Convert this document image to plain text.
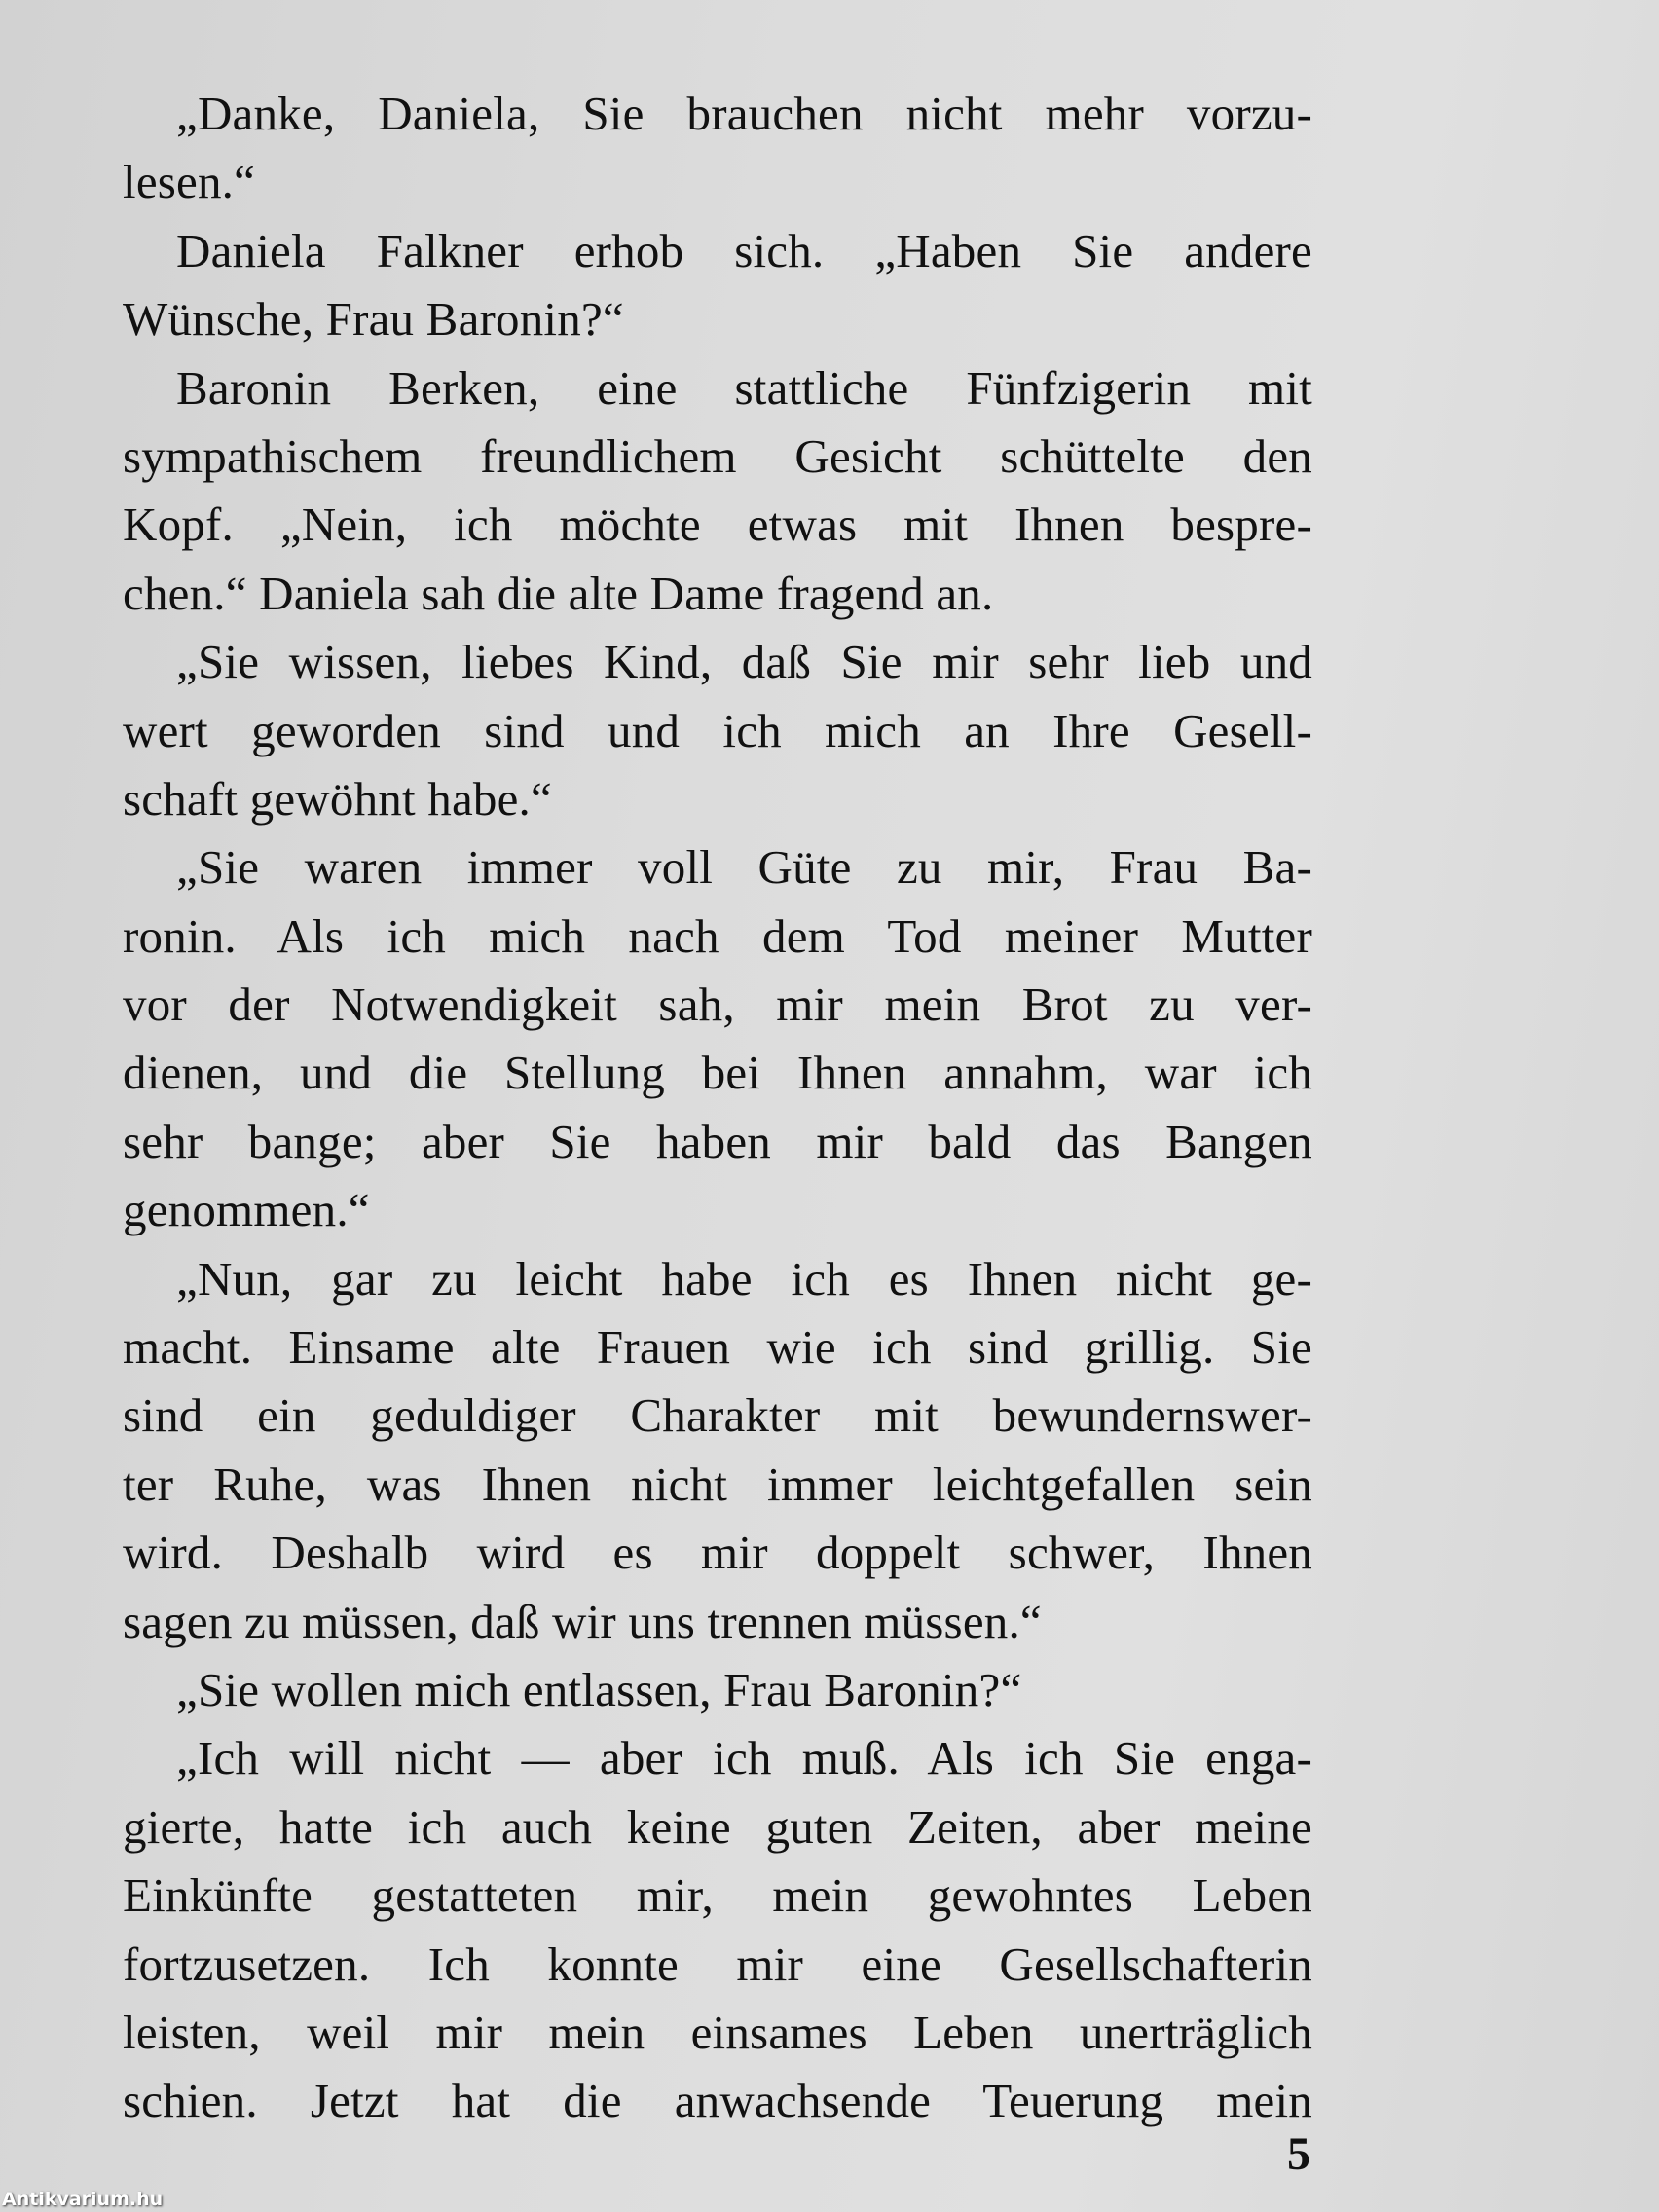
„Danke, Daniela, Sie brauchen nicht mehr vorzu-
lesen.“
Daniela Falkner erhob sich. „Haben Sie andere
Wünsche, Frau Baronin?“
Baronin Berken, eine stattliche Fünfzigerin mit
sympathischem freundlichem Gesicht schüttelte den
Kopf. „Nein, ich möchte etwas mit Ihnen bespre-
chen.“ Daniela sah die alte Dame fragend an.
„Sie wissen, liebes Kind, daß Sie mir sehr lieb und
wert geworden sind und ich mich an Ihre Gesell-
schaft gewöhnt habe.“
„Sie waren immer voll Güte zu mir, Frau Ba-
ronin. Als ich mich nach dem Tod meiner Mutter
vor der Notwendigkeit sah, mir mein Brot zu ver-
dienen, und die Stellung bei Ihnen annahm, war ich
sehr bange; aber Sie haben mir bald das Bangen
genommen.“
„Nun, gar zu leicht habe ich es Ihnen nicht ge-
macht. Einsame alte Frauen wie ich sind grillig. Sie
sind ein geduldiger Charakter mit bewundernswer-
ter Ruhe, was Ihnen nicht immer leichtgefallen sein
wird. Deshalb wird es mir doppelt schwer, Ihnen
sagen zu müssen, daß wir uns trennen müssen.“
„Sie wollen mich entlassen, Frau Baronin?“
„Ich will nicht — aber ich muß. Als ich Sie enga-
gierte, hatte ich auch keine guten Zeiten, aber meine
Einkünfte gestatteten mir, mein gewohntes Leben
fortzusetzen. Ich konnte mir eine Gesellschafterin
leisten, weil mir mein einsames Leben unerträglich
schien. Jetzt hat die anwachsende Teuerung mein
5
Antikvarium.hu
